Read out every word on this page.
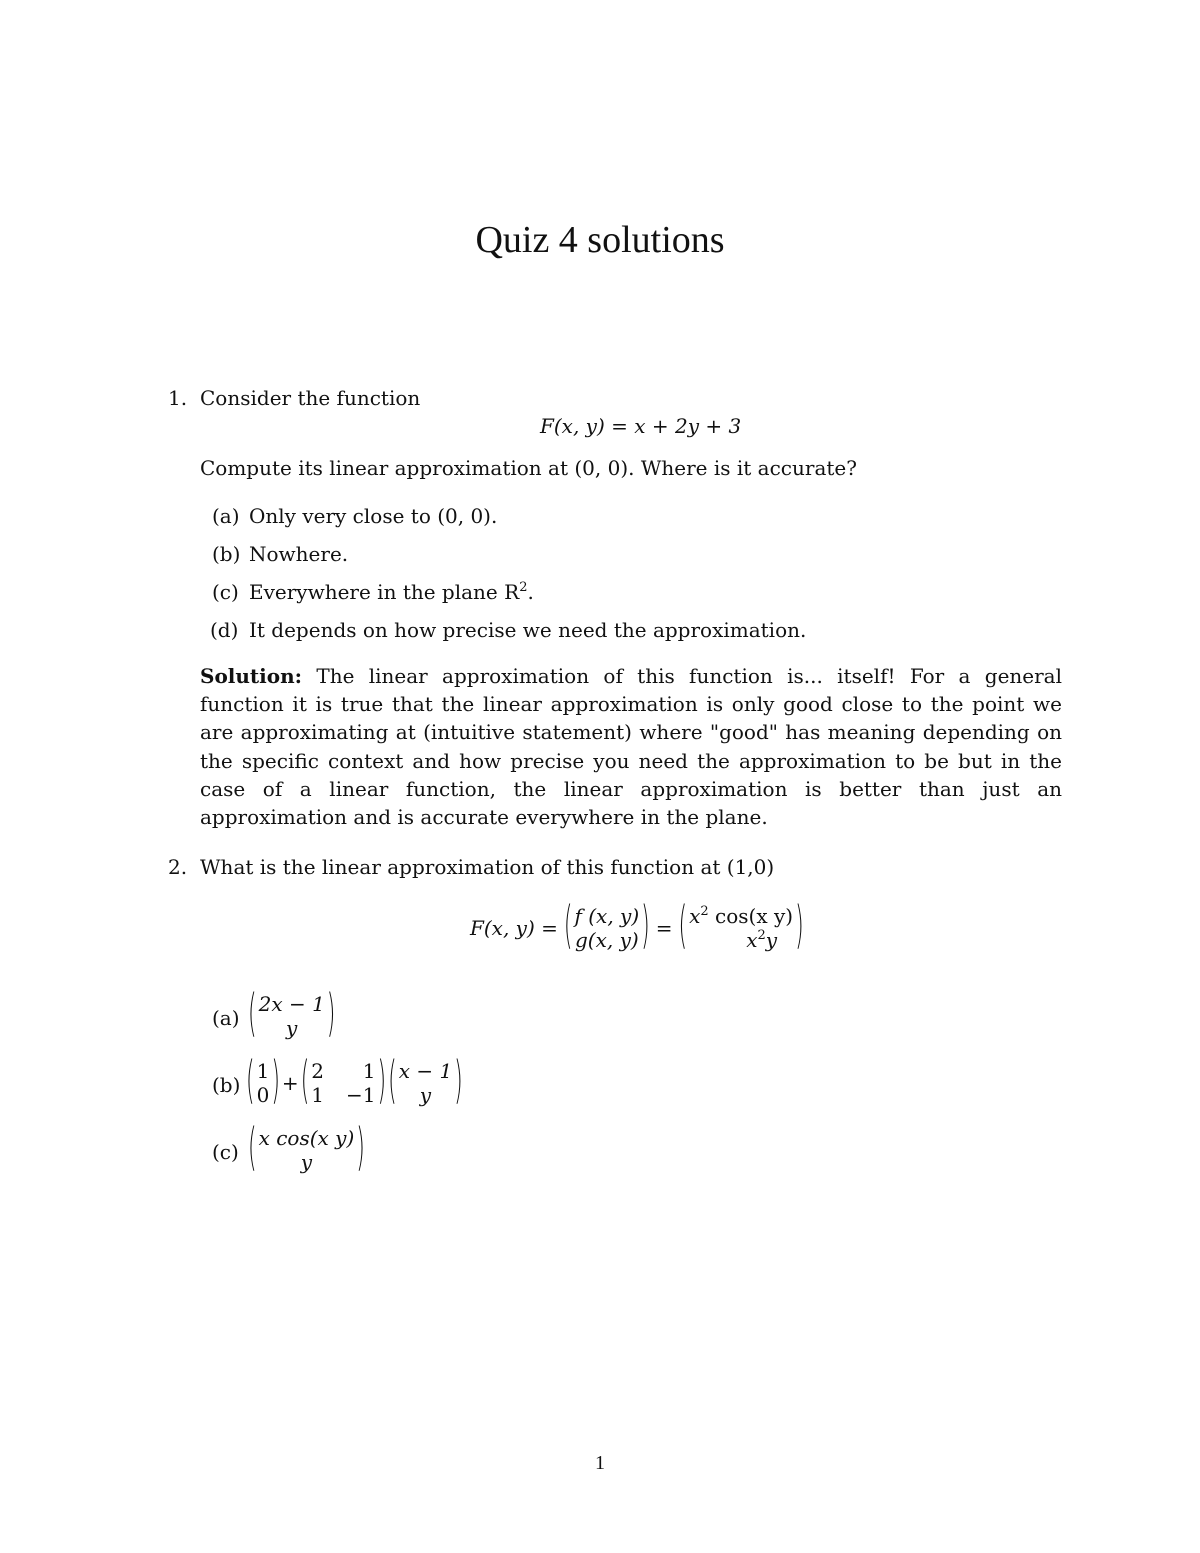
Quiz 4 solutions
1. Consider the function
F(x, y) = x + 2y + 3
Compute its linear approximation at (0, 0). Where is it accurate?
(a) Only very close to (0, 0).
(b) Nowhere.
(c) Everywhere in the plane $R^2$.
(d) It depends on how precise we need the approximation.
Solution: The linear approximation of this function is... itself! For a general function it is true that the linear approximation is only good close to the point we are approximating at (intuitive statement) where "good" has meaning depending on the specific context and how precise you need the approximation to be but in the case of a linear function, the linear approximation is better than just an approximation and is accurate everywhere in the plane.
2. What is the linear approximation of this function at (1,0)
F(x, y) = ( f (x, y)
g(x, y) ) = ( $x^2$ cos(x y)
$x^2y$ )
(a) ( 2x − 1
y )
(b) ( 1
0 ) + ( 2	1
1 −1 ) ( x − 1
y )
(c) ( x cos(x y)
y )
1
